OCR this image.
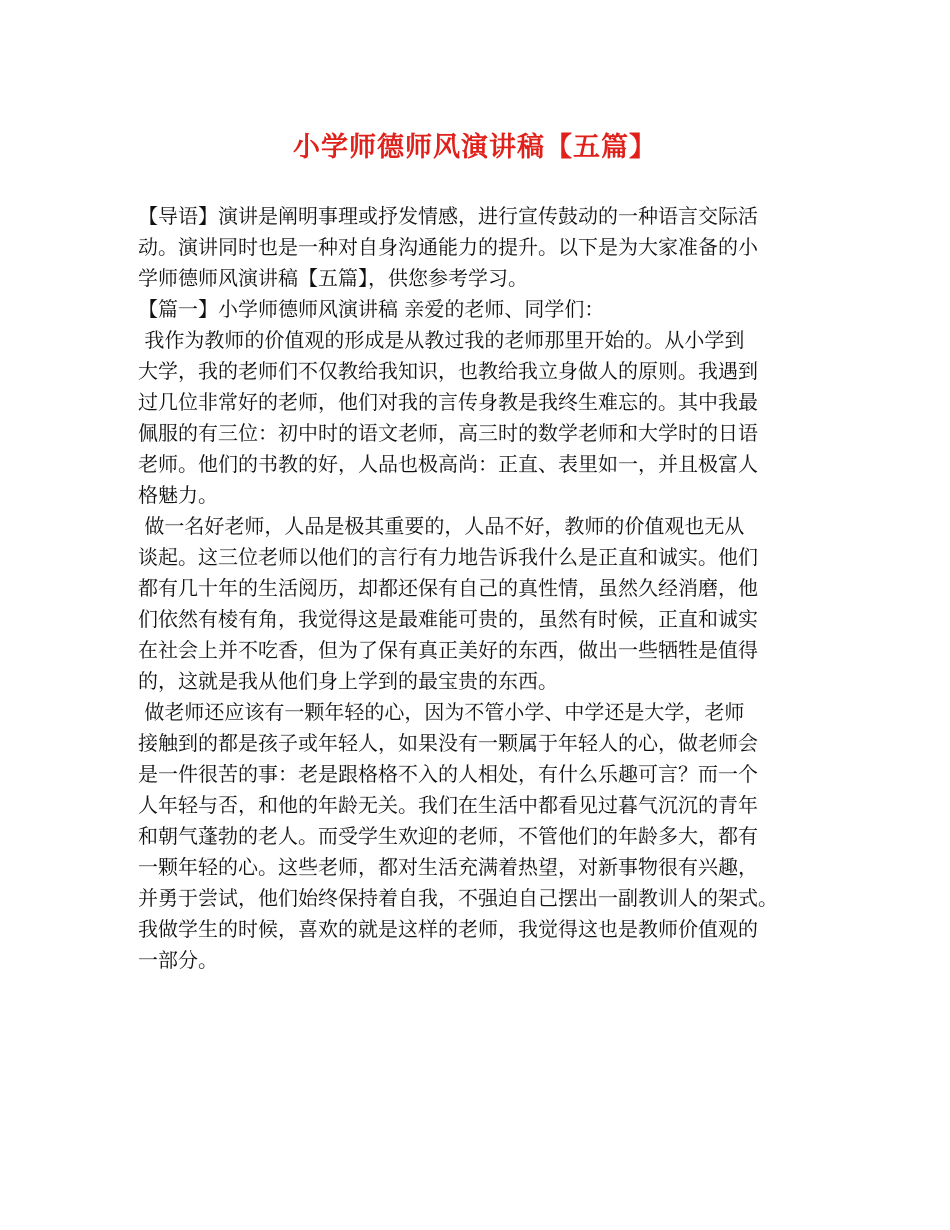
小学师德师风演讲稿【五篇】
【导语】演讲是阐明事理或抒发情感，进行宣传鼓动的一种语言交际活
动。演讲同时也是一种对自身沟通能力的提升。以下是为大家准备的小
学师德师风演讲稿【五篇】，供您参考学习。
【篇一】小学师德师风演讲稿 亲爱的老师、同学们：
我作为教师的价值观的形成是从教过我的老师那里开始的。从小学到
大学，我的老师们不仅教给我知识，也教给我立身做人的原则。我遇到
过几位非常好的老师，他们对我的言传身教是我终生难忘的。其中我最
佩服的有三位：初中时的语文老师，高三时的数学老师和大学时的日语
老师。他们的书教的好，人品也极高尚：正直、表里如一，并且极富人
格魅力。
做一名好老师，人品是极其重要的，人品不好，教师的价值观也无从
谈起。这三位老师以他们的言行有力地告诉我什么是正直和诚实。他们
都有几十年的生活阅历，却都还保有自己的真性情，虽然久经消磨，他
们依然有棱有角，我觉得这是最难能可贵的，虽然有时候，正直和诚实
在社会上并不吃香，但为了保有真正美好的东西，做出一些牺牲是值得
的，这就是我从他们身上学到的最宝贵的东西。
做老师还应该有一颗年轻的心，因为不管小学、中学还是大学，老师
接触到的都是孩子或年轻人，如果没有一颗属于年轻人的心，做老师会
是一件很苦的事：老是跟格格不入的人相处，有什么乐趣可言？而一个
人年轻与否，和他的年龄无关。我们在生活中都看见过暮气沉沉的青年
和朝气蓬勃的老人。而受学生欢迎的老师，不管他们的年龄多大，都有
一颗年轻的心。这些老师，都对生活充满着热望，对新事物很有兴趣，
并勇于尝试，他们始终保持着自我，不强迫自己摆出一副教训人的架式。
我做学生的时候，喜欢的就是这样的老师，我觉得这也是教师价值观的
一部分。
